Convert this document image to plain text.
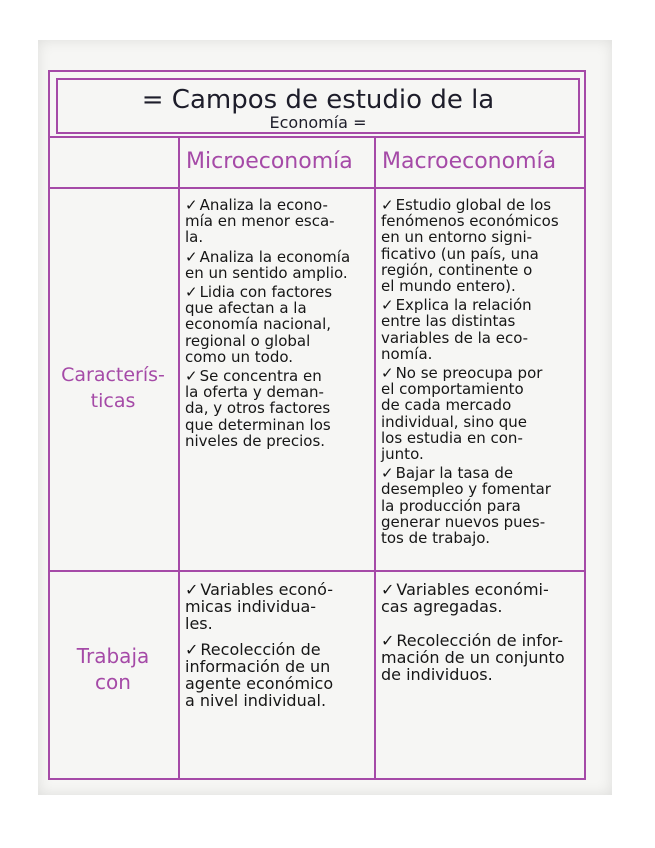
= Campos de estudio de la
Economía =
Microeconomía Macroeconomía
Caracterís-
ticas
Trabaja
con
✓ Analiza la econo-
mía en menor esca-
la.
✓ Analiza la economía
en un sentido amplio.
✓ Lidia con factores
que afectan a la
economía nacional,
regional o global
como un todo.
✓ Se concentra en
la oferta y deman-
da, y otros factores
que determinan los
niveles de precios.
✓ Estudio global de los
fenómenos económicos
en un entorno signi-
ficativo (un país, una
región, continente o
el mundo entero).
✓ Explica la relación
entre las distintas
variables de la eco-
nomía.
✓ No se preocupa por
el comportamiento
de cada mercado
individual, sino que
los estudia en con-
junto.
✓ Bajar la tasa de
desempleo y fomentar
la producción para
generar nuevos pues-
tos de trabajo.
✓ Variables econó-
micas individua-
les.
✓ Recolección de
información de un
agente económico
a nivel individual.
✓ Variables económi-
cas agregadas.
✓ Recolección de infor-
mación de un conjunto
de individuos.
